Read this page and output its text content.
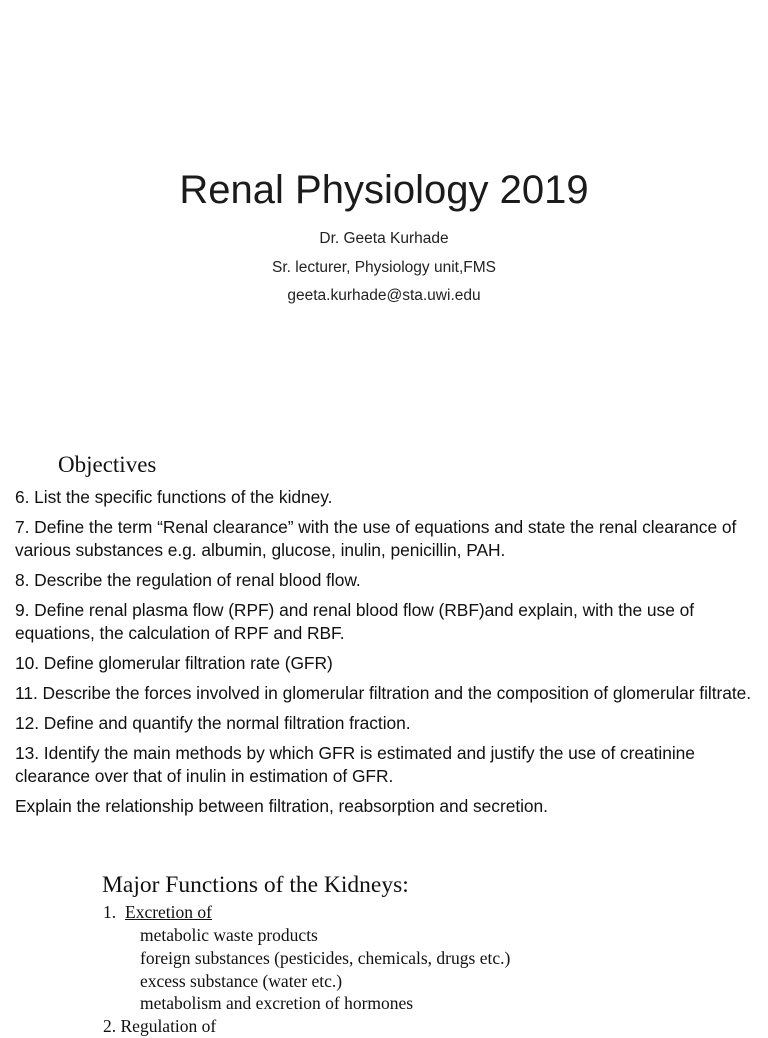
Renal Physiology 2019
Dr. Geeta Kurhade
Sr. lecturer, Physiology unit,FMS
geeta.kurhade@sta.uwi.edu
Objectives
6. List the specific functions of the kidney.
7. Define the term “Renal clearance” with the use of equations and state the renal clearance of various substances e.g. albumin, glucose, inulin, penicillin, PAH.
8. Describe the regulation of renal blood flow.
9. Define renal plasma flow (RPF) and renal blood flow (RBF)and explain, with the use of equations, the calculation of RPF and RBF.
10. Define glomerular filtration rate (GFR)
11. Describe the forces involved in glomerular filtration and the composition of glomerular filtrate.
12. Define and quantify the normal filtration fraction.
13. Identify the main methods by which GFR is estimated and justify the use of creatinine clearance over that of inulin in estimation of GFR.
Explain the relationship between filtration, reabsorption and secretion.
Major Functions of the Kidneys:
1. Excretion of
metabolic waste products
foreign substances (pesticides, chemicals, drugs etc.)
excess substance (water etc.)
metabolism and excretion of hormones
2. Regulation of
